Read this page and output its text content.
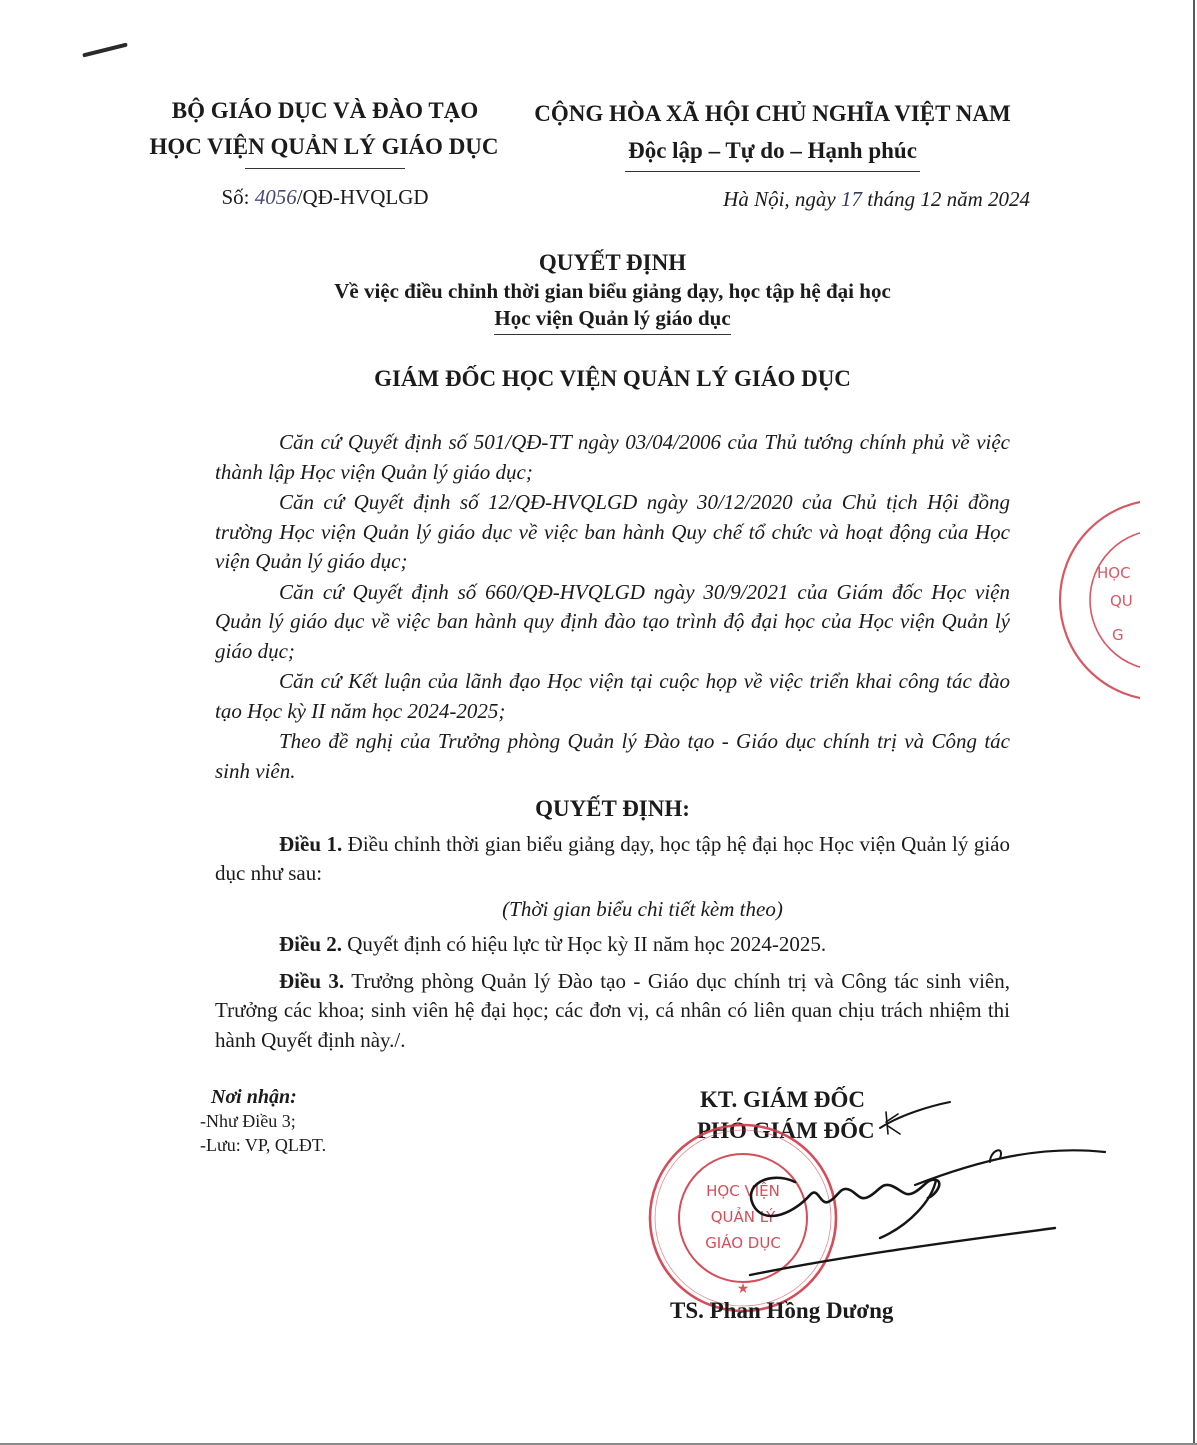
BỘ GIÁO DỤC VÀ ĐÀO TẠO
HỌC VIỆN QUẢN LÝ GIÁO DỤC
CỘNG HÒA XÃ HỘI CHỦ NGHĨA VIỆT NAM
Độc lập – Tự do – Hạnh phúc
Số: 4056/QĐ-HVQLGD	Hà Nội, ngày 17 tháng 12 năm 2024
QUYẾT ĐỊNH
Về việc điều chỉnh thời gian biểu giảng dạy, học tập hệ đại học
Học viện Quản lý giáo dục
GIÁM ĐỐC HỌC VIỆN QUẢN LÝ GIÁO DỤC

Căn cứ Quyết định số 501/QĐ-TT ngày 03/04/2006 của Thủ tướng chính phủ về việc thành lập Học viện Quản lý giáo dục;

Căn cứ Quyết định số 12/QĐ-HVQLGD ngày 30/12/2020 của Chủ tịch Hội đồng trường Học viện Quản lý giáo dục về việc ban hành Quy chế tổ chức và hoạt động của Học viện Quản lý giáo dục;

Căn cứ Quyết định số 660/QĐ-HVQLGD ngày 30/9/2021 của Giám đốc Học viện Quản lý giáo dục về việc ban hành quy định đào tạo trình độ đại học của Học viện Quản lý giáo dục;

Căn cứ Kết luận của lãnh đạo Học viện tại cuộc họp về việc triển khai công tác đào tạo Học kỳ II năm học 2024-2025;

Theo đề nghị của Trưởng phòng Quản lý Đào tạo - Giáo dục chính trị và Công tác sinh viên.

QUYẾT ĐỊNH:

Điều 1. Điều chỉnh thời gian biểu giảng dạy, học tập hệ đại học Học viện Quản lý giáo dục như sau:

(Thời gian biểu chi tiết kèm theo)

Điều 2. Quyết định có hiệu lực từ Học kỳ II năm học 2024-2025.

Điều 3. Trưởng phòng Quản lý Đào tạo - Giáo dục chính trị và Công tác sinh viên, Trưởng các khoa; sinh viên hệ đại học; các đơn vị, cá nhân có liên quan chịu trách nhiệm thi hành Quyết định này./.

Nơi nhận:
-Như Điều 3;
-Lưu: VP, QLĐT.
KT. GIÁM ĐỐC
PHÓ GIÁM ĐỐC
HỌC
QU
G
HỌC VIỆN
QUẢN LÝ
GIÁO DỤC
★
TS. Phan Hồng Dương
